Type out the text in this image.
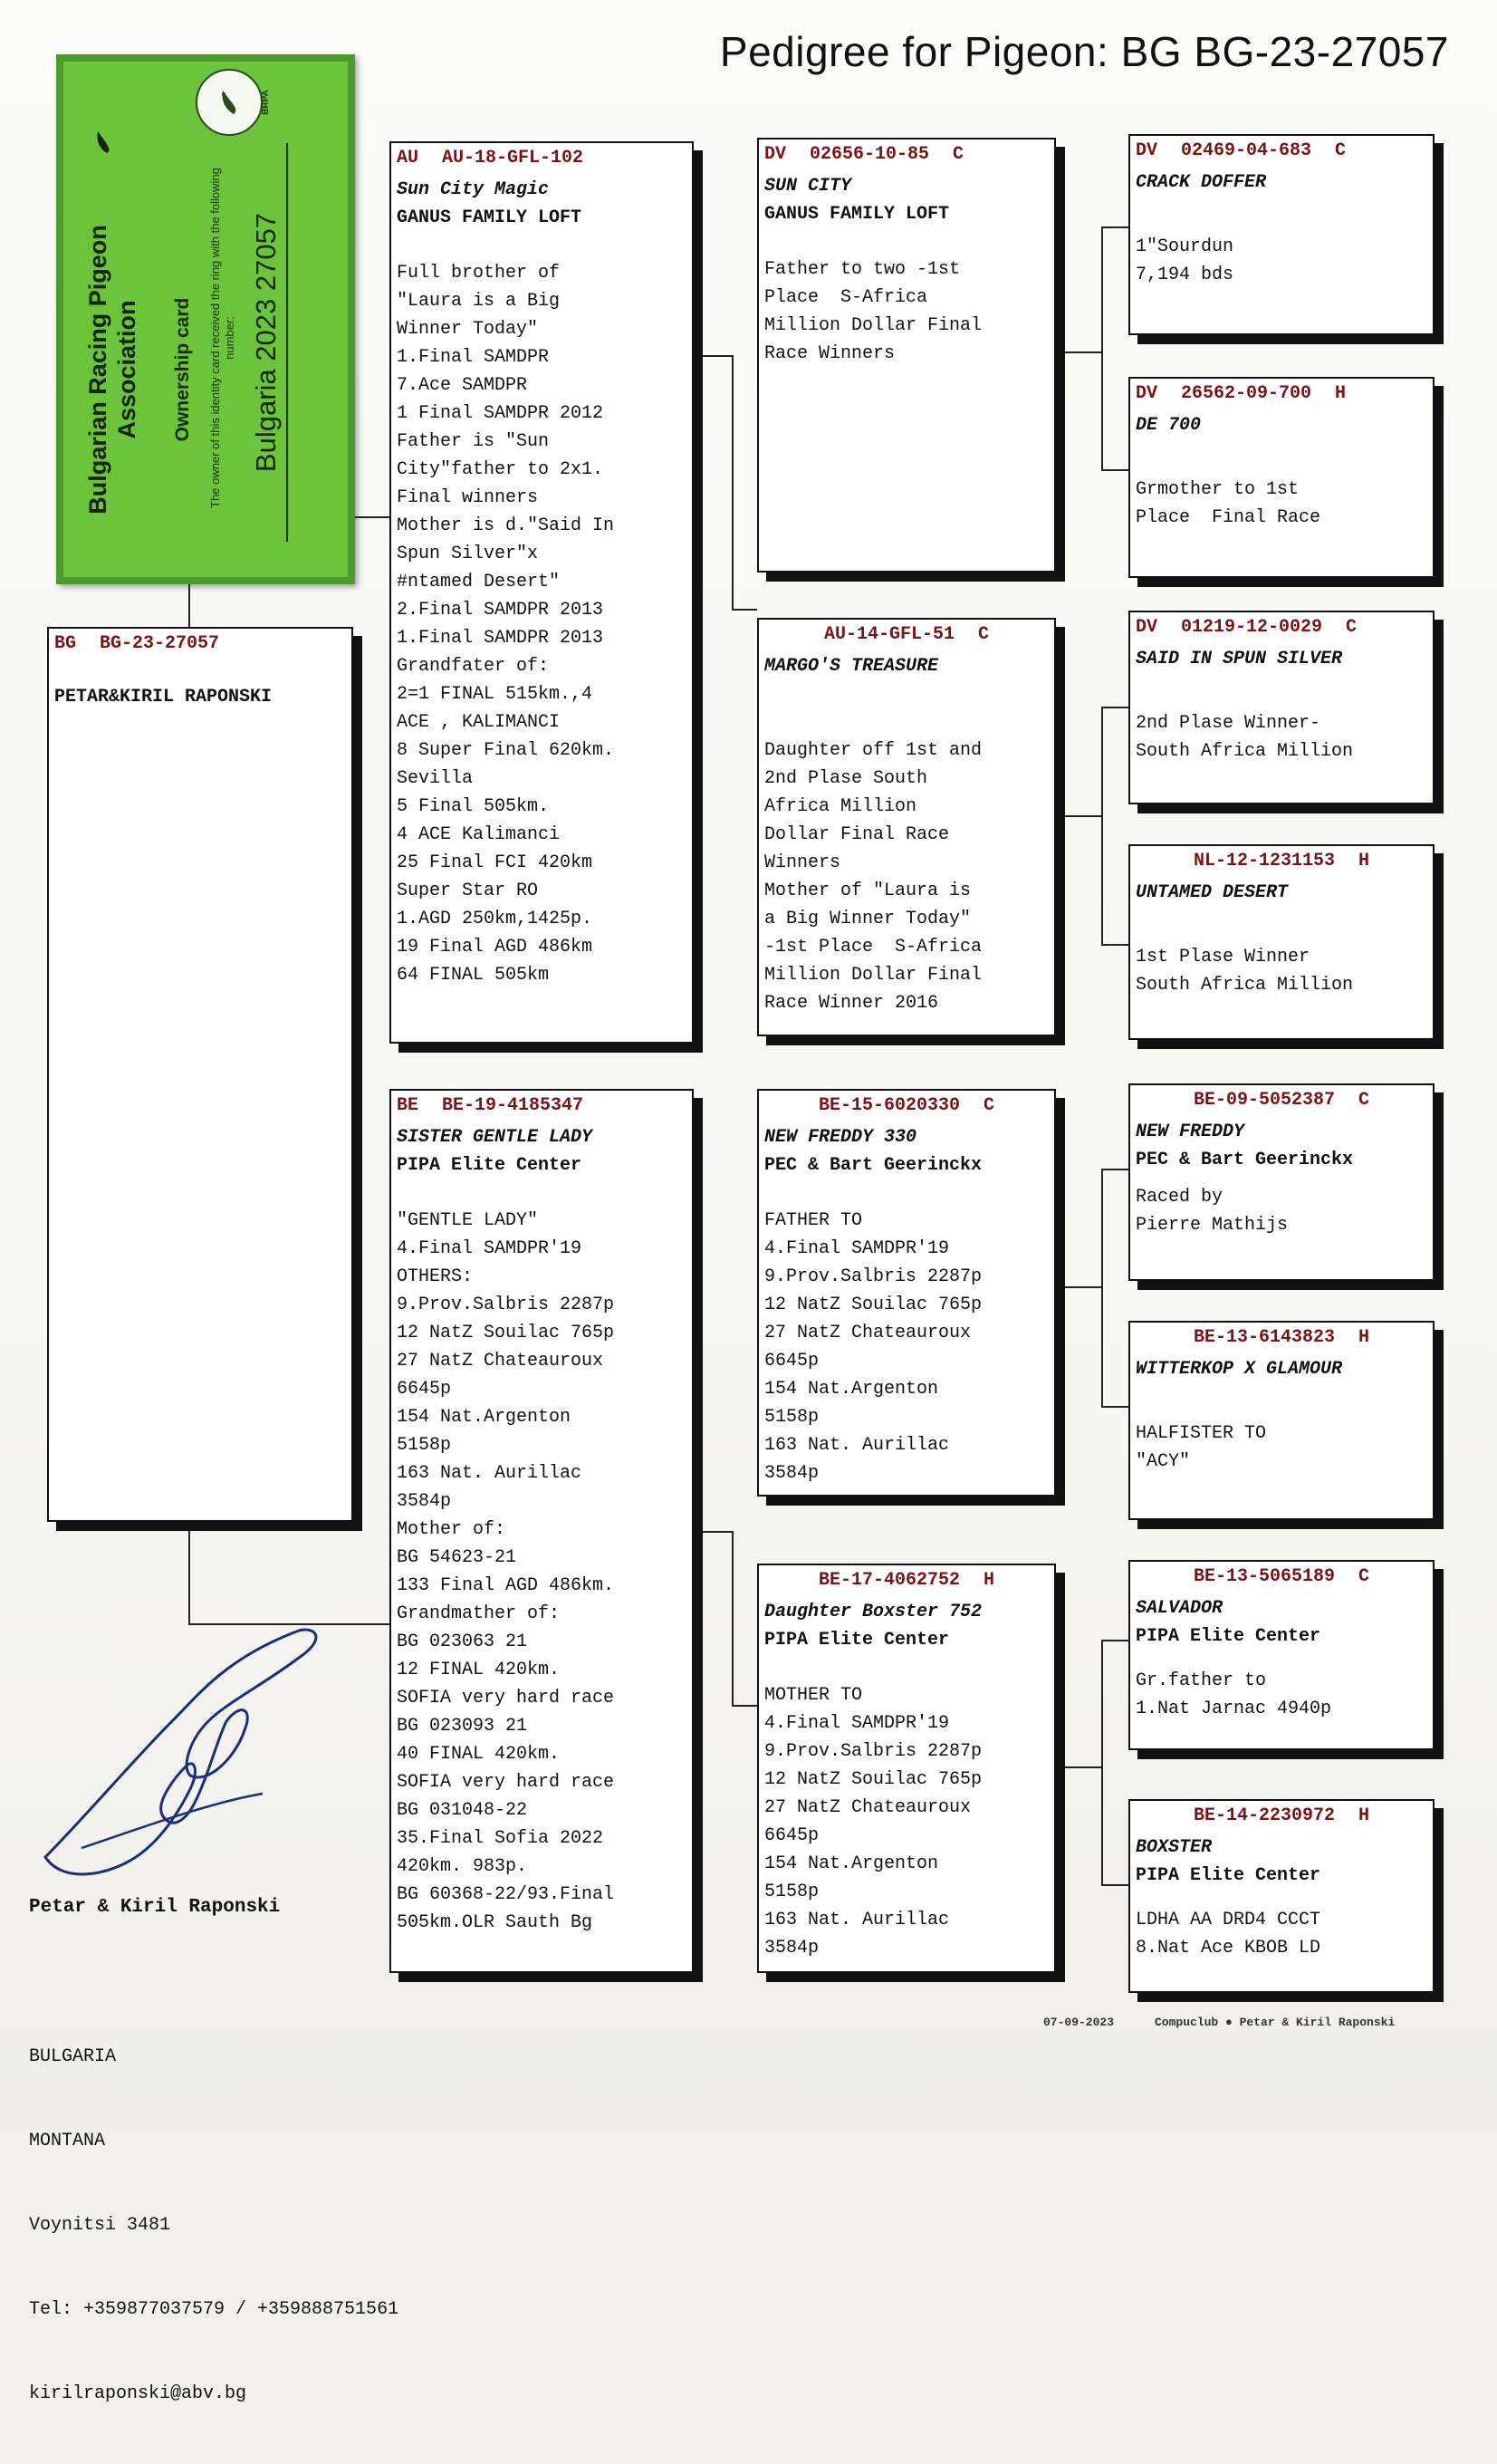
Pedigree for Pigeon: BG BG-23-27057
Bulgarian Racing Pigeon Association Ownership card The owner of this identity card received the ring with the following number: Bulgaria 2023 27057
BRPA
BG BG-23-27057
PETAR&KIRIL RAPONSKI
AU AU-18-GFL-102
Sun City Magic
GANUS FAMILY LOFT
Full brother of
"Laura is a Big
Winner Today"
1.Final SAMDPR
7.Ace SAMDPR
1 Final SAMDPR 2012
Father is "Sun
City"father to 2x1.
Final winners
Mother is d."Said In
Spun Silver"x
#ntamed Desert"
2.Final SAMDPR 2013
1.Final SAMDPR 2013
Grandfater of:
2=1 FINAL 515km.,4
ACE , KALIMANCI
8 Super Final 620km.
Sevilla
5 Final 505km.
4 ACE Kalimanci
25 Final FCI 420km
Super Star RO
1.AGD 250km,1425p.
19 Final AGD 486km
64 FINAL 505km
BE BE-19-4185347
SISTER GENTLE LADY
PIPA Elite Center
"GENTLE LADY"
4.Final SAMDPR'19
OTHERS:
9.Prov.Salbris 2287p
12 NatZ Souilac 765p
27 NatZ Chateauroux
6645p
154 Nat.Argenton
5158p
163 Nat. Aurillac
3584p
Mother of:
BG 54623-21
133 Final AGD 486km.
Grandmather of:
BG 023063 21
12 FINAL 420km.
SOFIA very hard race
BG 023093 21
40 FINAL 420km.
SOFIA very hard race
BG 031048-22
35.Final Sofia 2022
420km. 983p.
BG 60368-22/93.Final
505km.OLR Sauth Bg
DV 02656-10-85 C
SUN CITY
GANUS FAMILY LOFT
Father to two -1st
Place  S-Africa
Million Dollar Final
Race Winners
AU-14-GFL-51 C
MARGO'S TREASURE
Daughter off 1st and
2nd Plase South
Africa Million
Dollar Final Race
Winners
Mother of "Laura is
a Big Winner Today"
-1st Place  S-Africa
Million Dollar Final
Race Winner 2016
BE-15-6020330 C
NEW FREDDY 330
PEC & Bart Geerinckx
FATHER TO
4.Final SAMDPR'19
9.Prov.Salbris 2287p
12 NatZ Souilac 765p
27 NatZ Chateauroux
6645p
154 Nat.Argenton
5158p
163 Nat. Aurillac
3584p
BE-17-4062752 H
Daughter Boxster 752
PIPA Elite Center
MOTHER TO
4.Final SAMDPR'19
9.Prov.Salbris 2287p
12 NatZ Souilac 765p
27 NatZ Chateauroux
6645p
154 Nat.Argenton
5158p
163 Nat. Aurillac
3584p
DV 02469-04-683 C
CRACK DOFFER
1"Sourdun
7,194 bds
DV 26562-09-700 H
DE 700
Grmother to 1st
Place  Final Race
DV 01219-12-0029 C
SAID IN SPUN SILVER
2nd Plase Winner-
South Africa Million
NL-12-1231153 H
UNTAMED DESERT
1st Plase Winner
South Africa Million
BE-09-5052387 C
NEW FREDDY
PEC & Bart Geerinckx
Raced by
Pierre Mathijs
BE-13-6143823 H
WITTERKOP X GLAMOUR
HALFISTER TO
"ACY"
BE-13-5065189 C
SALVADOR
PIPA Elite Center
Gr.father to
1.Nat Jarnac 4940p
BE-14-2230972 H
BOXSTER
PIPA Elite Center
LDHA AA DRD4 CCCT
8.Nat Ace KBOB LD

Petar & Kiril Raponski

BULGARIA

MONTANA

Voynitsi 3481

Tel: +359877037579 / +359888751561

kirilraponski@abv.bg

07-09-2023	Compuclub ● Petar & Kiril Raponski
